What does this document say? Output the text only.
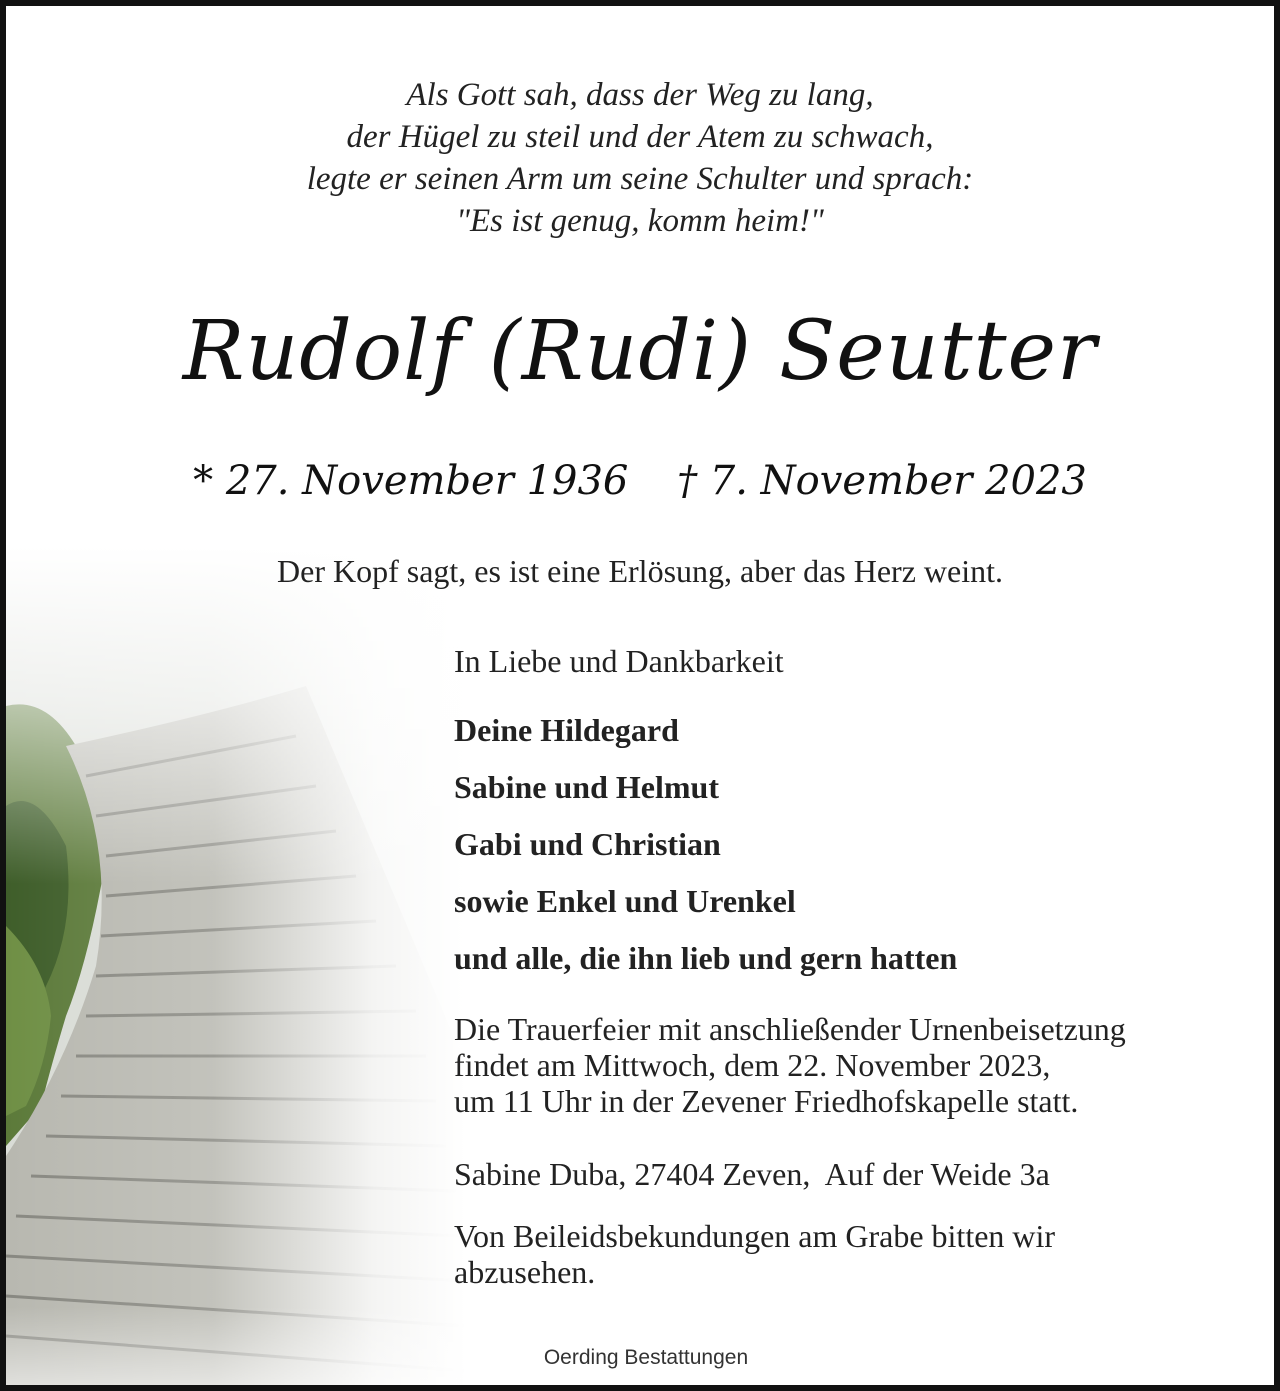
Als Gott sah, dass der Weg zu lang,
der Hügel zu steil und der Atem zu schwach,
legte er seinen Arm um seine Schulter und sprach:
"Es ist genug, komm heim!"
Rudolf (Rudi) Seutter
* 27. November 1936 † 7. November 2023
Der Kopf sagt, es ist eine Erlösung, aber das Herz weint.
In Liebe und Dankbarkeit
Deine Hildegard
Sabine und Helmut
Gabi und Christian
sowie Enkel und Urenkel
und alle, die ihn lieb und gern hatten
Die Trauerfeier mit anschließender Urnenbeisetzung
findet am Mittwoch, dem 22. November 2023,
um 11 Uhr in der Zevener Friedhofskapelle statt.
Sabine Duba, 27404 Zeven,  Auf der Weide 3a
Von Beileidsbekundungen am Grabe bitten wir
abzusehen.
Oerding Bestattungen
